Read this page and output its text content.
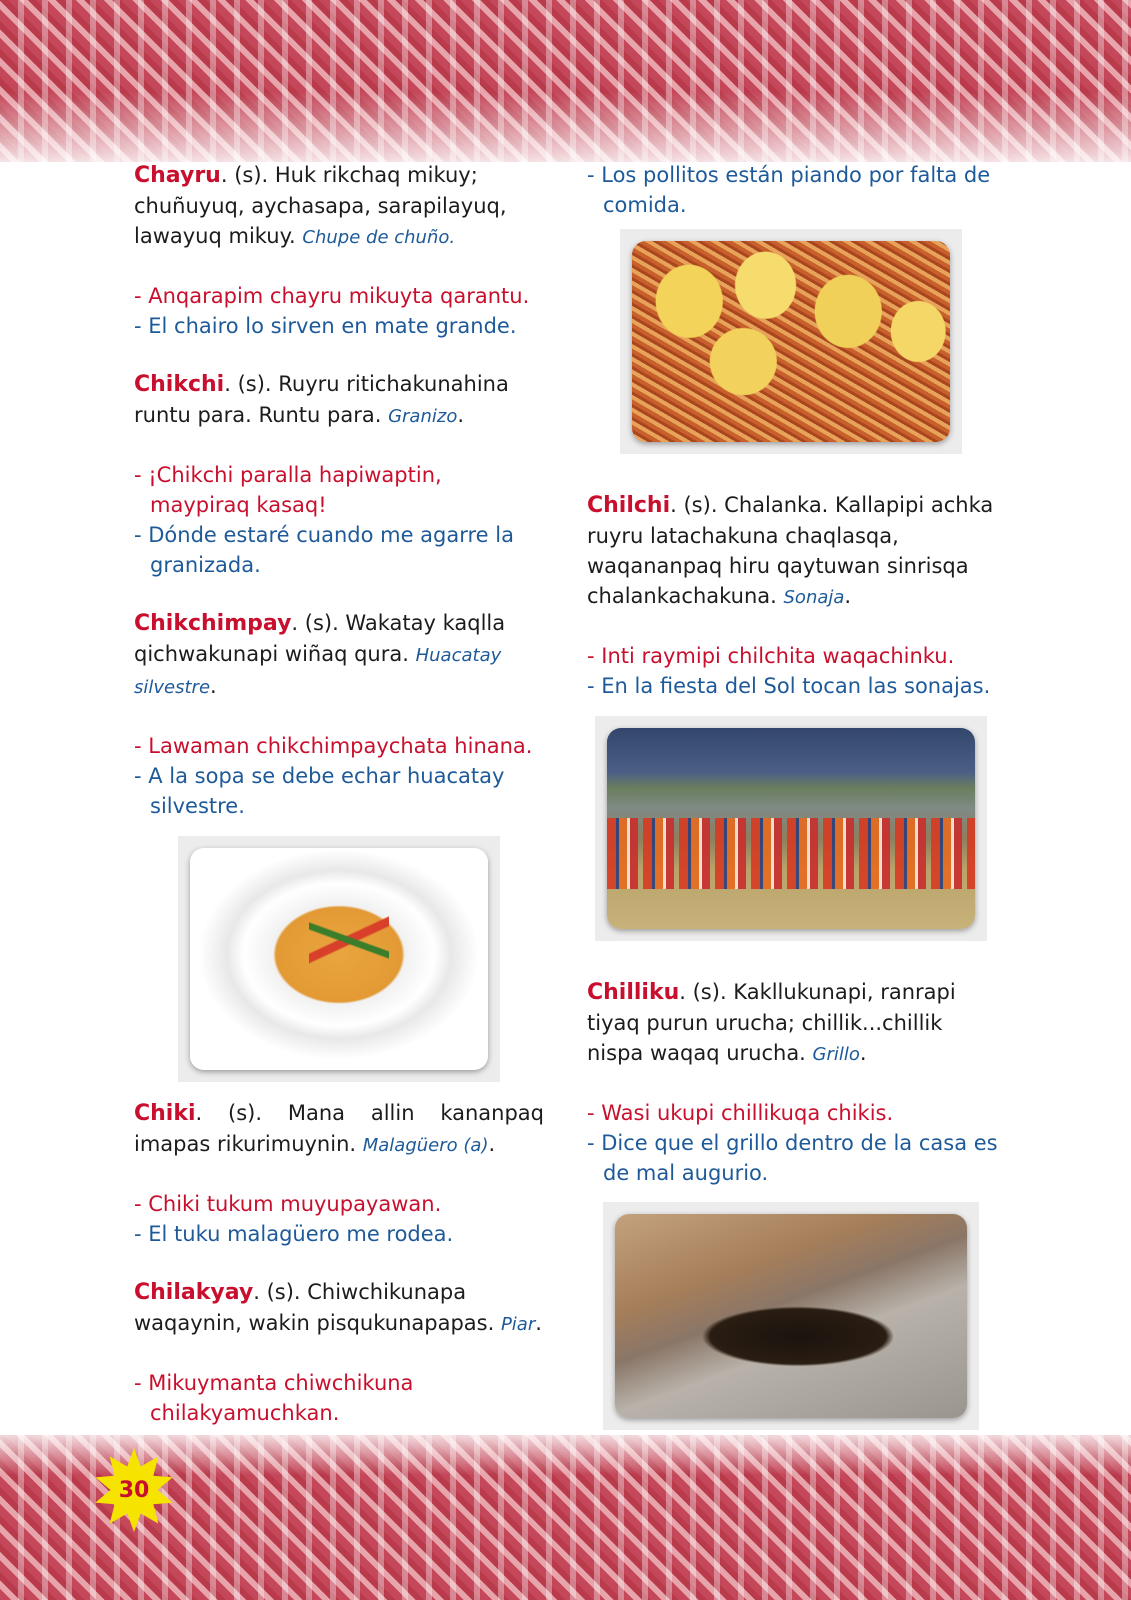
Chayru. (s). Huk rikchaq mikuy; chuñuyuq, aychasapa, sarapilayuq, lawayuq mikuy. Chupe de chuño.

- Anqarapim chayru mikuyta qarantu.

- El chairo lo sirven en mate grande.

Chikchi. (s). Ruyru ritichakunahina runtu para. Runtu para. Granizo.

- ¡Chikchi paralla hapiwaptin, maypiraq kasaq!

- Dónde estaré cuando me agarre la granizada.

Chikchimpay. (s). Wakatay kaqlla qichwakunapi wiñaq qura. Huacatay silvestre.

- Lawaman chikchimpaychata hinana.

- A la sopa se debe echar huacatay silvestre.

Chiki. (s). Mana allin kananpaq imapas rikurimuynin. Malagüero (a).

- Chiki tukum muyupayawan.

- El tuku malagüero me rodea.

Chilakyay. (s). Chiwchikunapa waqaynin, wakin pisqukunapapas. Piar.

- Mikuymanta chiwchikuna chilakyamuchkan.

- Los pollitos están piando por falta de comida.

Chilchi. (s). Chalanka. Kallapipi achka ruyru latachakuna chaqlasqa, waqananpaq hiru qaytuwan sinrisqa chalankachakuna. Sonaja.

- Inti raymipi chilchita waqachinku.

- En la fiesta del Sol tocan las sonajas.

Chilliku. (s). Kakllukunapi, ranrapi tiyaq purun urucha; chillik...chillik nispa waqaq urucha. Grillo.

- Wasi ukupi chillikuqa chikis.

- Dice que el grillo dentro de la casa es de mal augurio.

30
